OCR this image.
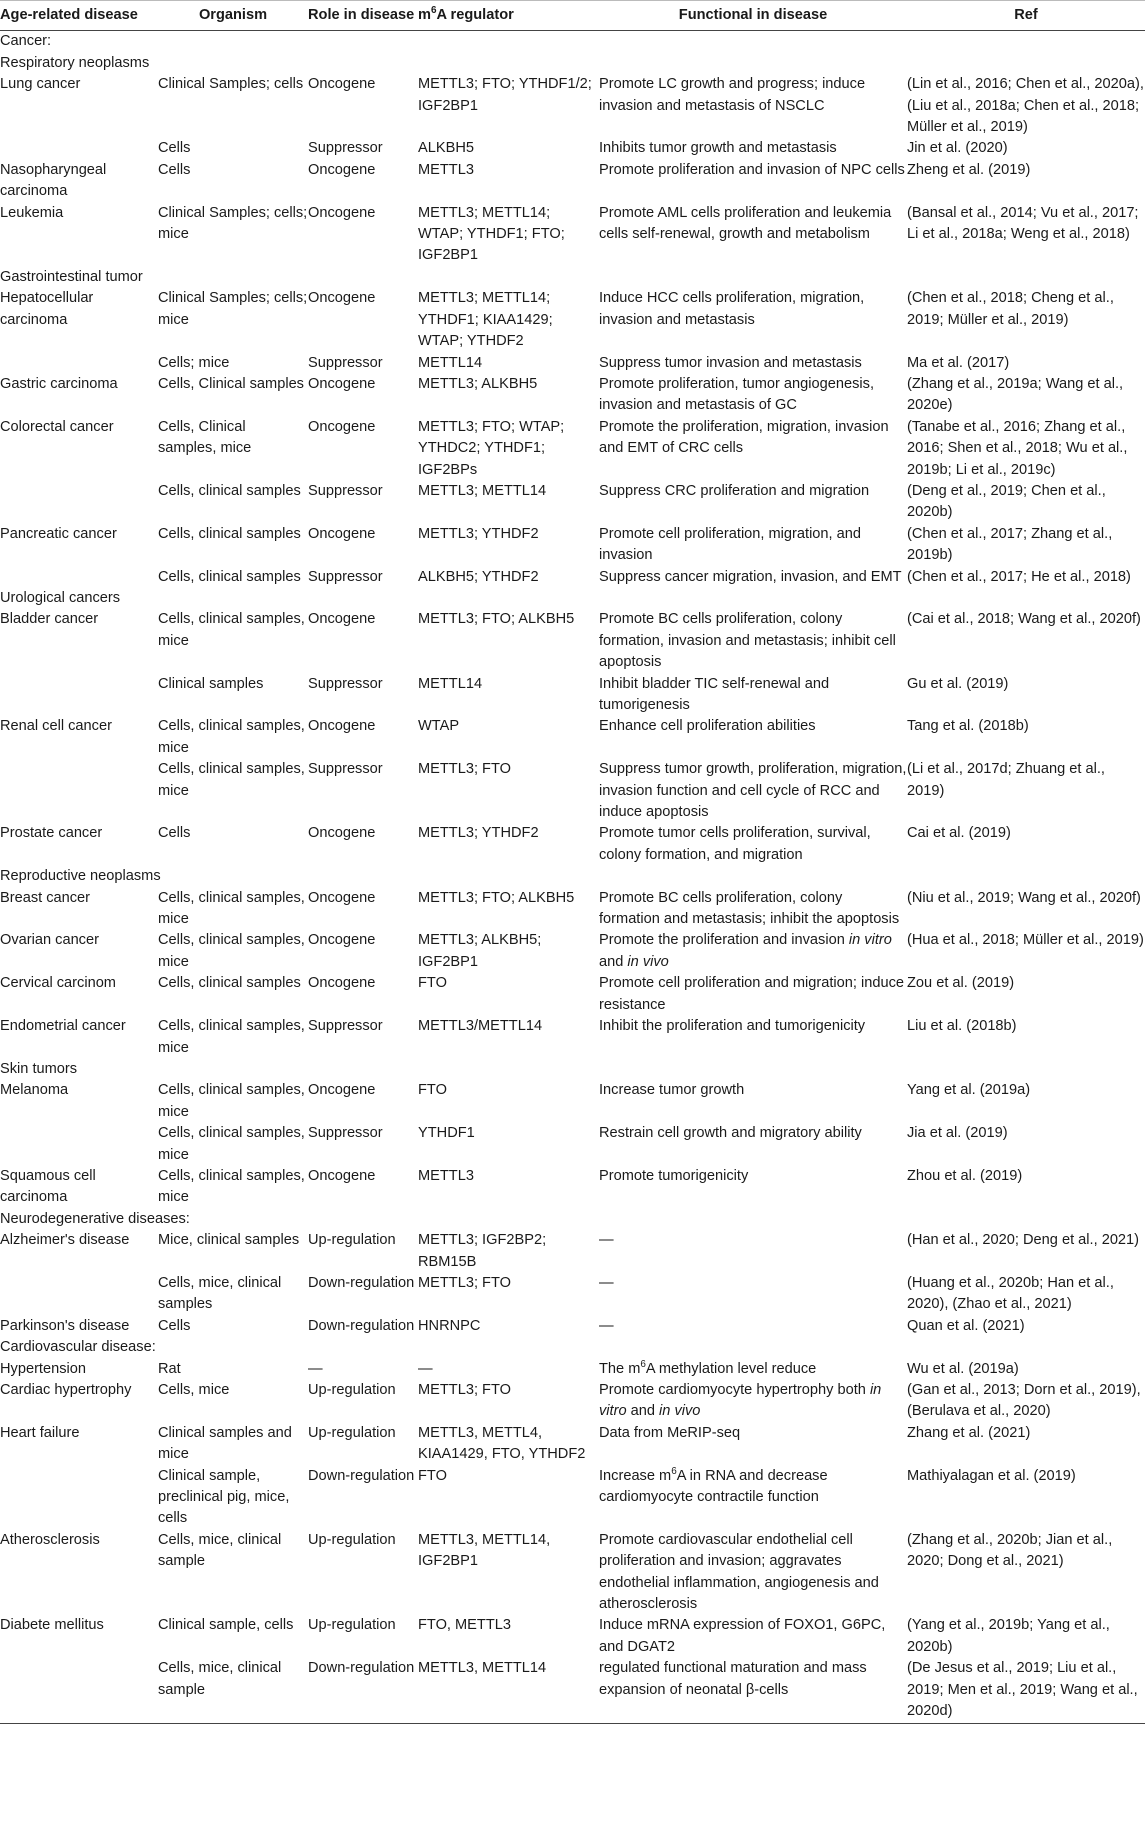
Age-related disease	Organism	Role in disease	$m^6A$ regulator	Functional in disease	Ref
Cancer:					
Respiratory neoplasms					
Lung cancer	Clinical Samples; cells	Oncogene	METTL3; FTO; YTHDF1/2; IGF2BP1	Promote LC growth and progress; induce invasion and metastasis of NSCLC	(Lin et al., 2016; Chen et al., 2020a), (Liu et al., 2018a; Chen et al., 2018; Müller et al., 2019)
	Cells	Suppressor	ALKBH5	Inhibits tumor growth and metastasis	Jin et al. (2020)
Nasopharyngeal carcinoma	Cells	Oncogene	METTL3	Promote proliferation and invasion of NPC cells	Zheng et al. (2019)
Leukemia	Clinical Samples; cells; mice	Oncogene	METTL3; METTL14; WTAP; YTHDF1; FTO; IGF2BP1	Promote AML cells proliferation and leukemia cells self-renewal, growth and metabolism	(Bansal et al., 2014; Vu et al., 2017; Li et al., 2018a; Weng et al., 2018)
Gastrointestinal tumor					
Hepatocellular carcinoma	Clinical Samples; cells; mice	Oncogene	METTL3; METTL14; YTHDF1; KIAA1429; WTAP; YTHDF2	Induce HCC cells proliferation, migration, invasion and metastasis	(Chen et al., 2018; Cheng et al., 2019; Müller et al., 2019)
	Cells; mice	Suppressor	METTL14	Suppress tumor invasion and metastasis	Ma et al. (2017)
Gastric carcinoma	Cells, Clinical samples	Oncogene	METTL3; ALKBH5	Promote proliferation, tumor angiogenesis, invasion and metastasis of GC	(Zhang et al., 2019a; Wang et al., 2020e)
Colorectal cancer	Cells, Clinical samples, mice	Oncogene	METTL3; FTO; WTAP; YTHDC2; YTHDF1; IGF2BPs	Promote the proliferation, migration, invasion and EMT of CRC cells	(Tanabe et al., 2016; Zhang et al., 2016; Shen et al., 2018; Wu et al., 2019b; Li et al., 2019c)
	Cells, clinical samples	Suppressor	METTL3; METTL14	Suppress CRC proliferation and migration	(Deng et al., 2019; Chen et al., 2020b)
Pancreatic cancer	Cells, clinical samples	Oncogene	METTL3; YTHDF2	Promote cell proliferation, migration, and invasion	(Chen et al., 2017; Zhang et al., 2019b)
	Cells, clinical samples	Suppressor	ALKBH5; YTHDF2	Suppress cancer migration, invasion, and EMT	(Chen et al., 2017; He et al., 2018)
Urological cancers					
Bladder cancer	Cells, clinical samples, mice	Oncogene	METTL3; FTO; ALKBH5	Promote BC cells proliferation, colony formation, invasion and metastasis; inhibit cell apoptosis	(Cai et al., 2018; Wang et al., 2020f)
	Clinical samples	Suppressor	METTL14	Inhibit bladder TIC self-renewal and tumorigenesis	Gu et al. (2019)
Renal cell cancer	Cells, clinical samples, mice	Oncogene	WTAP	Enhance cell proliferation abilities	Tang et al. (2018b)
	Cells, clinical samples, mice	Suppressor	METTL3; FTO	Suppress tumor growth, proliferation, migration, invasion function and cell cycle of RCC and induce apoptosis	(Li et al., 2017d; Zhuang et al., 2019)
Prostate cancer	Cells	Oncogene	METTL3; YTHDF2	Promote tumor cells proliferation, survival, colony formation, and migration	Cai et al. (2019)
Reproductive neoplasms					
Breast cancer	Cells, clinical samples, mice	Oncogene	METTL3; FTO; ALKBH5	Promote BC cells proliferation, colony formation and metastasis; inhibit the apoptosis	(Niu et al., 2019; Wang et al., 2020f)
Ovarian cancer	Cells, clinical samples, mice	Oncogene	METTL3; ALKBH5; IGF2BP1	Promote the proliferation and invasion in vitro and in vivo	(Hua et al., 2018; Müller et al., 2019)
Cervical carcinom	Cells, clinical samples	Oncogene	FTO	Promote cell proliferation and migration; induce resistance	Zou et al. (2019)
Endometrial cancer	Cells, clinical samples, mice	Suppressor	METTL3/METTL14	Inhibit the proliferation and tumorigenicity	Liu et al. (2018b)
Skin tumors					
Melanoma	Cells, clinical samples, mice	Oncogene	FTO	Increase tumor growth	Yang et al. (2019a)
	Cells, clinical samples, mice	Suppressor	YTHDF1	Restrain cell growth and migratory ability	Jia et al. (2019)
Squamous cell carcinoma	Cells, clinical samples, mice	Oncogene	METTL3	Promote tumorigenicity	Zhou et al. (2019)
Neurodegenerative diseases:					
Alzheimer's disease	Mice, clinical samples	Up-regulation	METTL3; IGF2BP2; RBM15B	—	(Han et al., 2020; Deng et al., 2021)
	Cells, mice, clinical samples	Down-regulation	METTL3; FTO	—	(Huang et al., 2020b; Han et al., 2020), (Zhao et al., 2021)
Parkinson's disease	Cells	Down-regulation	HNRNPC	—	Quan et al. (2021)
Cardiovascular disease:					
Hypertension	Rat	—	—	The $m^6A$ methylation level reduce	Wu et al. (2019a)
Cardiac hypertrophy	Cells, mice	Up-regulation	METTL3; FTO	Promote cardiomyocyte hypertrophy both in vitro and in vivo	(Gan et al., 2013; Dorn et al., 2019), (Berulava et al., 2020)
Heart failure	Clinical samples and mice	Up-regulation	METTL3, METTL4, KIAA1429, FTO, YTHDF2	Data from MeRIP-seq	Zhang et al. (2021)
	Clinical sample, preclinical pig, mice, cells	Down-regulation	FTO	Increase $m^6A$ in RNA and decrease cardiomyocyte contractile function	Mathiyalagan et al. (2019)
Atherosclerosis	Cells, mice, clinical sample	Up-regulation	METTL3, METTL14, IGF2BP1	Promote cardiovascular endothelial cell proliferation and invasion; aggravates endothelial inflammation, angiogenesis and atherosclerosis	(Zhang et al., 2020b; Jian et al., 2020; Dong et al., 2021)
Diabete mellitus	Clinical sample, cells	Up-regulation	FTO, METTL3	Induce mRNA expression of FOXO1, G6PC, and DGAT2	(Yang et al., 2019b; Yang et al., 2020b)
	Cells, mice, clinical sample	Down-regulation	METTL3, METTL14	regulated functional maturation and mass expansion of neonatal β-cells	(De Jesus et al., 2019; Liu et al., 2019; Men et al., 2019; Wang et al., 2020d)
